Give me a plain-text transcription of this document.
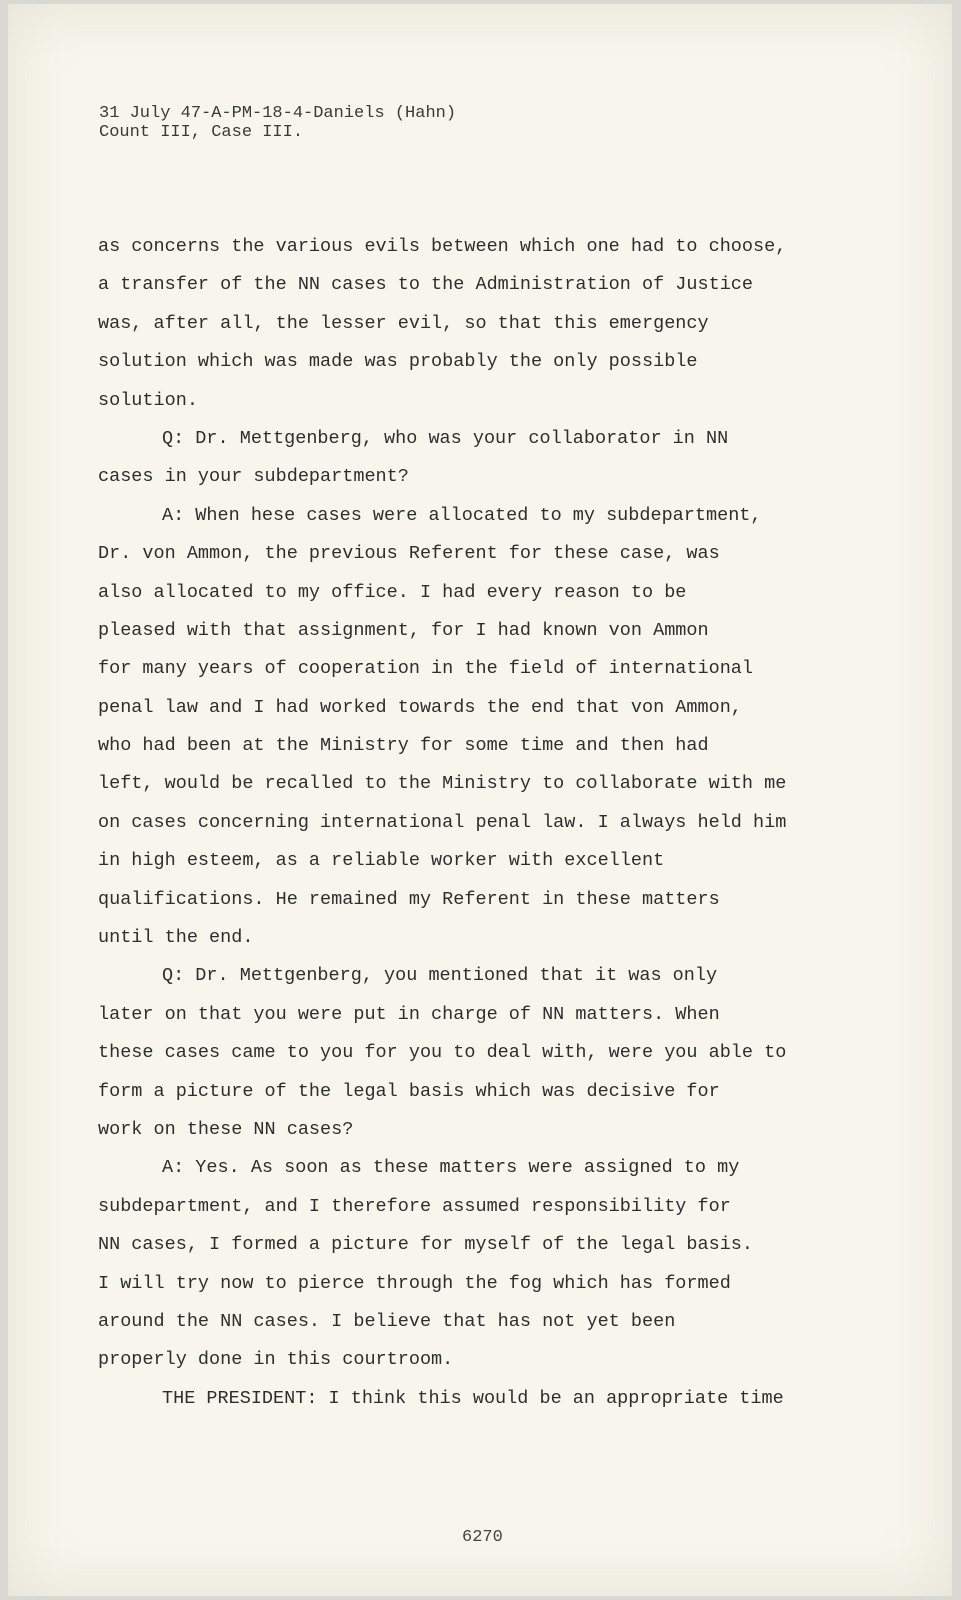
31 July 47-A-PM-18-4-Daniels (Hahn)
Count III, Case III.
as concerns the various evils between which one had to choose,
a transfer of the NN cases to the Administration of Justice
was, after all, the lesser evil, so that this emergency
solution which was made was probably the only possible
solution.
Q: Dr. Mettgenberg, who was your collaborator in NN
cases in your subdepartment?
A: When hese cases were allocated to my subdepartment,
Dr. von Ammon, the previous Referent for these case, was
also allocated to my office. I had every reason to be
pleased with that assignment, for I had known von Ammon
for many years of cooperation in the field of international
penal law and I had worked towards the end that von Ammon,
who had been at the Ministry for some time and then had
left, would be recalled to the Ministry to collaborate with me
on cases concerning international penal law. I always held him
in high esteem, as a reliable worker with excellent
qualifications. He remained my Referent in these matters
until the end.
Q: Dr. Mettgenberg, you mentioned that it was only
later on that you were put in charge of NN matters. When
these cases came to you for you to deal with, were you able to
form a picture of the legal basis which was decisive for
work on these NN cases?
A: Yes. As soon as these matters were assigned to my
subdepartment, and I therefore assumed responsibility for
NN cases, I formed a picture for myself of the legal basis.
I will try now to pierce through the fog which has formed
around the NN cases. I believe that has not yet been
properly done in this courtroom.
THE PRESIDENT: I think this would be an appropriate time
6270
